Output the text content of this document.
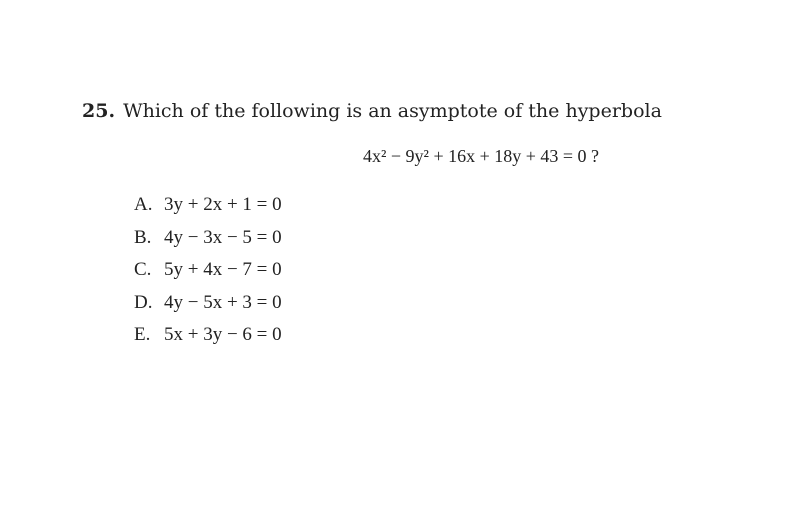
25. Which of the following is an asymptote of the hyperbola
4x² − 9y² + 16x + 18y + 43 = 0 ?
A. 3y + 2x + 1 = 0
B. 4y − 3x − 5 = 0
C. 5y + 4x − 7 = 0
D. 4y − 5x + 3 = 0
E. 5x + 3y − 6 = 0
